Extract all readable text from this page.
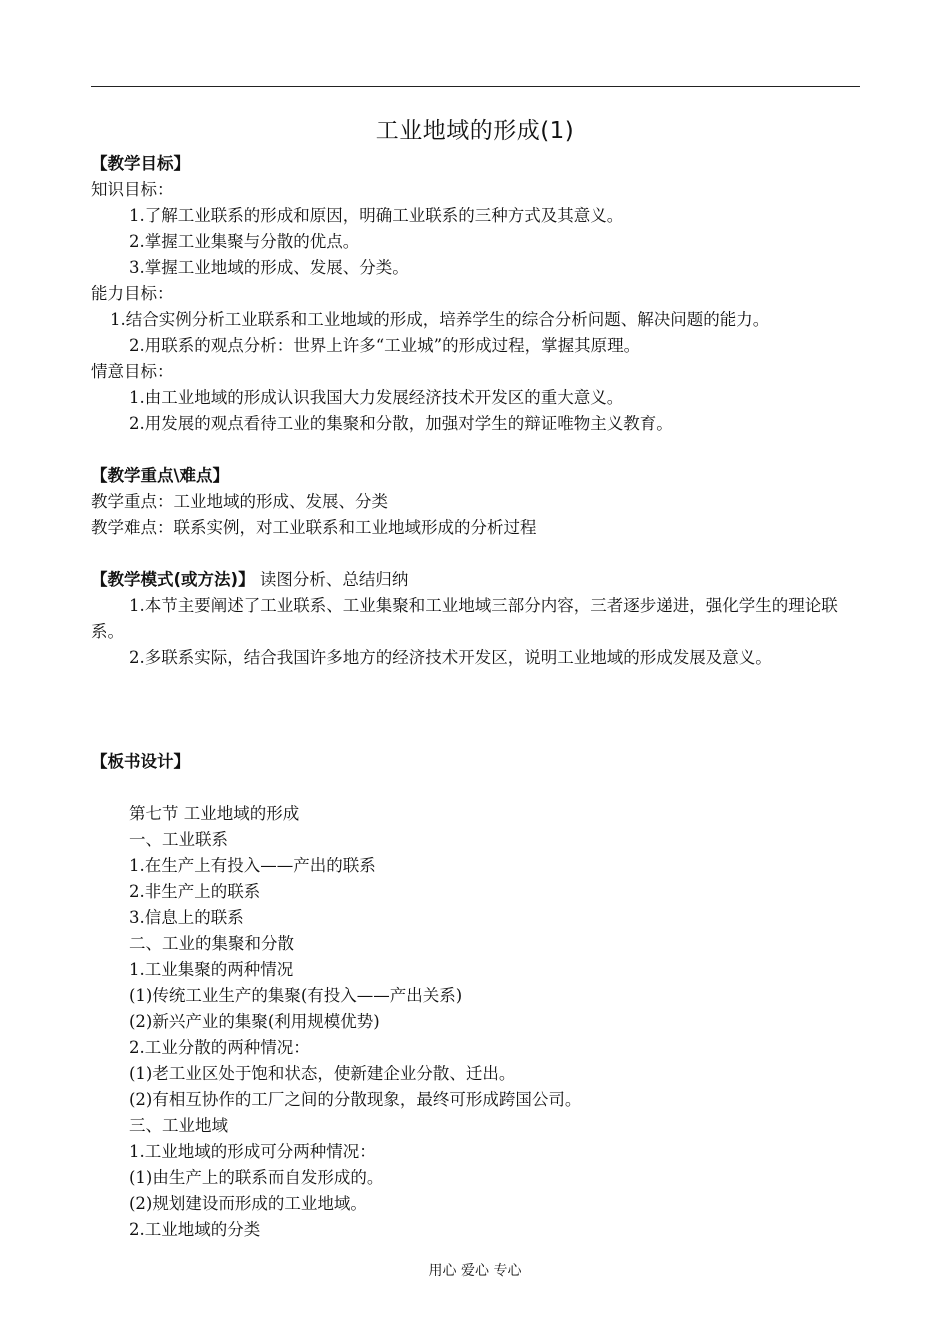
工业地域的形成(1)
【教学目标】
知识目标：
1.了解工业联系的形成和原因，明确工业联系的三种方式及其意义。
2.掌握工业集聚与分散的优点。
3.掌握工业地域的形成、发展、分类。
能力目标：
1.结合实例分析工业联系和工业地域的形成，培养学生的综合分析问题、解决问题的能力。
2.用联系的观点分析：世界上许多“工业城”的形成过程，掌握其原理。
情意目标：
1.由工业地域的形成认识我国大力发展经济技术开发区的重大意义。
2.用发展的观点看待工业的集聚和分散，加强对学生的辩证唯物主义教育。
【教学重点\难点】
教学重点：工业地域的形成、发展、分类
教学难点：联系实例，对工业联系和工业地域形成的分析过程
【教学模式(或方法)】 读图分析、总结归纳
1.本节主要阐述了工业联系、工业集聚和工业地域三部分内容，三者逐步递进，强化学生的理论联系。
2.多联系实际，结合我国许多地方的经济技术开发区，说明工业地域的形成发展及意义。
【板书设计】
第七节 工业地域的形成
一、工业联系
1.在生产上有投入——产出的联系
2.非生产上的联系
3.信息上的联系
二、工业的集聚和分散
1.工业集聚的两种情况
(1)传统工业生产的集聚(有投入——产出关系)
(2)新兴产业的集聚(利用规模优势)
2.工业分散的两种情况：
(1)老工业区处于饱和状态，使新建企业分散、迁出。
(2)有相互协作的工厂之间的分散现象，最终可形成跨国公司。
三、工业地域
1.工业地域的形成可分两种情况：
(1)由生产上的联系而自发形成的。
(2)规划建设而形成的工业地域。
2.工业地域的分类
用心 爱心 专心
